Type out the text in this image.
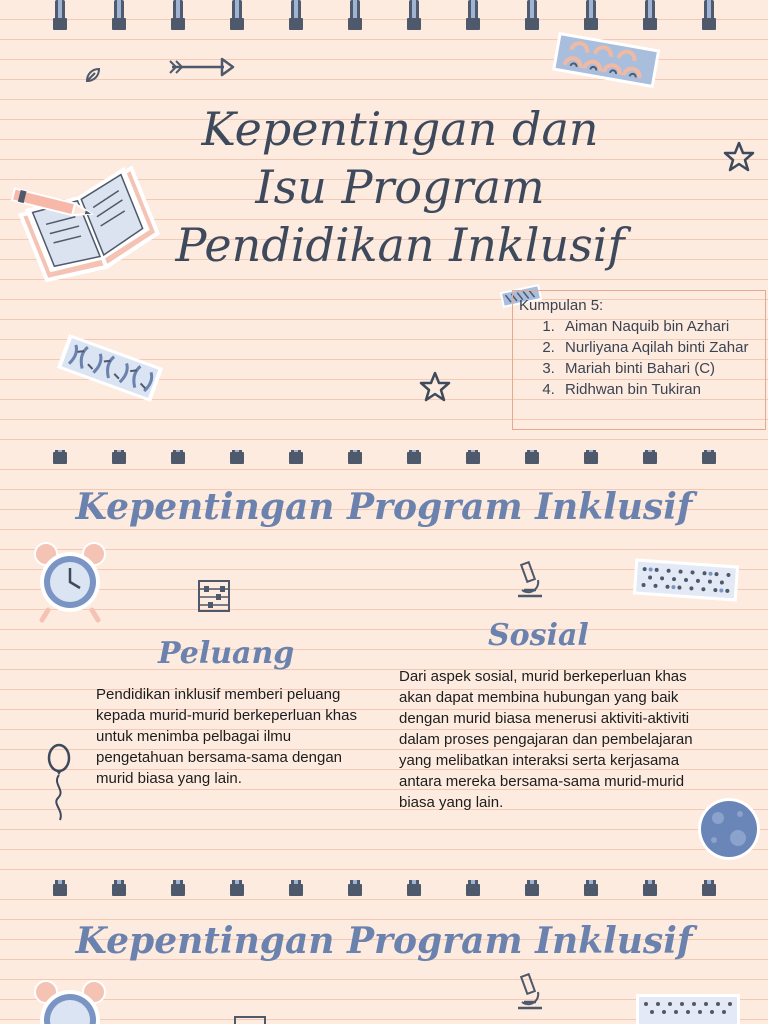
Kepentingan dan
Isu Program
Pendidikan Inklusif
Kumpulan 5:
1. Aiman Naquib bin Azhari
2. Nurliyana Aqilah binti Zahar
3. Mariah binti Bahari (C)
4. Ridhwan bin Tukiran
Kepentingan Program Inklusif
Peluang
Sosial

Pendidikan inklusif memberi peluang kepada murid-murid berkeperluan khas untuk menimba pelbagai ilmu pengetahuan bersama-sama dengan murid biasa yang lain.

Dari aspek sosial, murid berkeperluan khas akan dapat membina hubungan yang baik dengan murid biasa menerusi aktiviti-aktiviti dalam proses pengajaran dan pembelajaran yang melibatkan interaksi serta kerjasama antara mereka bersama-sama murid-murid biasa yang lain.

Kepentingan Program Inklusif
